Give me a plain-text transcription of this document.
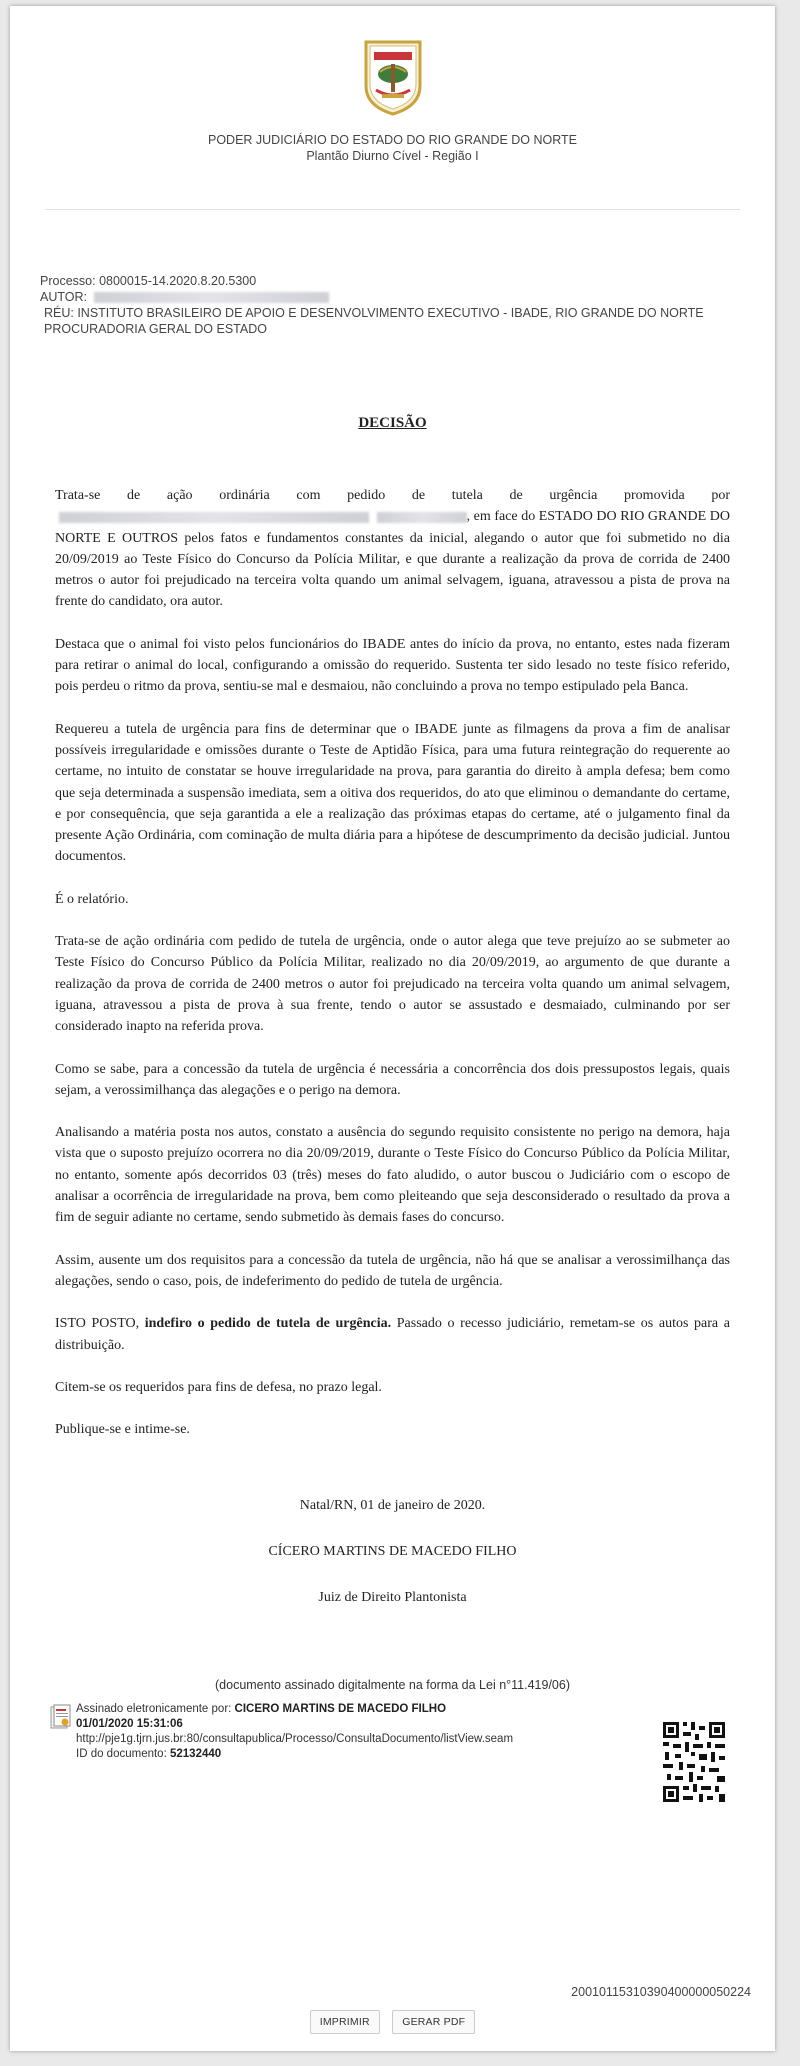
PODER JUDICIÁRIO DO ESTADO DO RIO GRANDE DO NORTE
Plantão Diurno Cível - Região I
Processo: 0800015-14.2020.8.20.5300
AUTOR:
RÉU: INSTITUTO BRASILEIRO DE APOIO E DESENVOLVIMENTO EXECUTIVO - IBADE, RIO GRANDE DO NORTE PROCURADORIA GERAL DO ESTADO
DECISÃO

Trata-se de ação ordinária com pedido de tutela de urgência promovida por  , em face do ESTADO DO RIO GRANDE DO NORTE E OUTROS pelos fatos e fundamentos constantes da inicial, alegando o autor que foi submetido no dia 20/09/2019 ao Teste Físico do Concurso da Polícia Militar, e que durante a realização da prova de corrida de 2400 metros o autor foi prejudicado na terceira volta quando um animal selvagem, iguana, atravessou a pista de prova na frente do candidato, ora autor.

Destaca que o animal foi visto pelos funcionários do IBADE antes do início da prova, no entanto, estes nada fizeram para retirar o animal do local, configurando a omissão do requerido. Sustenta ter sido lesado no teste físico referido, pois perdeu o ritmo da prova, sentiu-se mal e desmaiou, não concluindo a prova no tempo estipulado pela Banca.

Requereu a tutela de urgência para fins de determinar que o IBADE junte as filmagens da prova a fim de analisar possíveis irregularidade e omissões durante o Teste de Aptidão Física, para uma futura reintegração do requerente ao certame, no intuito de constatar se houve irregularidade na prova, para garantia do direito à ampla defesa; bem como que seja determinada a suspensão imediata, sem a oitiva dos requeridos, do ato que eliminou o demandante do certame, e por consequência, que seja garantida a ele a realização das próximas etapas do certame, até o julgamento final da presente Ação Ordinária, com cominação de multa diária para a hipótese de descumprimento da decisão judicial. Juntou documentos.

É o relatório.

Trata-se de ação ordinária com pedido de tutela de urgência, onde o autor alega que teve prejuízo ao se submeter ao Teste Físico do Concurso Público da Polícia Militar, realizado no dia 20/09/2019, ao argumento de que durante a realização da prova de corrida de 2400 metros o autor foi prejudicado na terceira volta quando um animal selvagem, iguana, atravessou a pista de prova à sua frente, tendo o autor se assustado e desmaiado, culminando por ser considerado inapto na referida prova.

Como se sabe, para a concessão da tutela de urgência é necessária a concorrência dos dois pressupostos legais, quais sejam, a verossimilhança das alegações e o perigo na demora.

Analisando a matéria posta nos autos, constato a ausência do segundo requisito consistente no perigo na demora, haja vista que o suposto prejuízo ocorrera no dia 20/09/2019, durante o Teste Físico do Concurso Público da Polícia Militar, no entanto, somente após decorridos 03 (três) meses do fato aludido, o autor buscou o Judiciário com o escopo de analisar a ocorrência de irregularidade na prova, bem como pleiteando que seja desconsiderado o resultado da prova a fim de seguir adiante no certame, sendo submetido às demais fases do concurso.

Assim, ausente um dos requisitos para a concessão da tutela de urgência, não há que se analisar a verossimilhança das alegações, sendo o caso, pois, de indeferimento do pedido de tutela de urgência.

ISTO POSTO, indefiro o pedido de tutela de urgência. Passado o recesso judiciário, remetam-se os autos para a distribuição.

Citem-se os requeridos para fins de defesa, no prazo legal.

Publique-se e intime-se.

Natal/RN, 01 de janeiro de 2020.
CÍCERO MARTINS DE MACEDO FILHO
Juiz de Direito Plantonista
(documento assinado digitalmente na forma da Lei n°11.419/06)
Assinado eletronicamente por: CICERO MARTINS DE MACEDO FILHO
01/01/2020 15:31:06
http://pje1g.tjrn.jus.br:80/consultapublica/Processo/ConsultaDocumento/listView.seam
ID do documento: 52132440
20010115310390400000050224
IMPRIMIR	GERAR PDF
